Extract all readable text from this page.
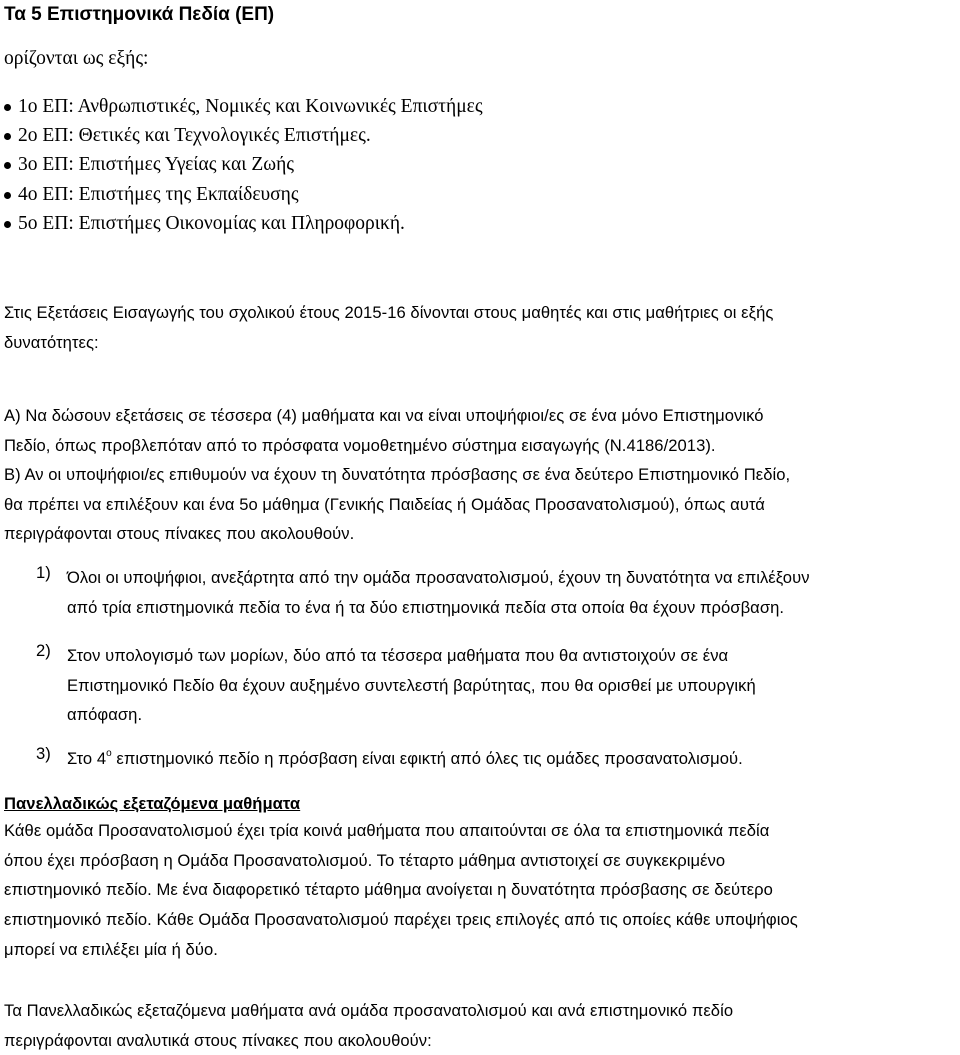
Τα 5 Επιστημονικά Πεδία (ΕΠ)
ορίζονται ως εξής:
1ο ΕΠ: Ανθρωπιστικές, Νομικές και Κοινωνικές Επιστήμες
2ο ΕΠ: Θετικές και Τεχνολογικές Επιστήμες.
3ο ΕΠ: Επιστήμες Υγείας και Ζωής
4ο ΕΠ: Επιστήμες της Εκπαίδευσης
5ο ΕΠ: Επιστήμες Οικονομίας και Πληροφορική.
Στις Εξετάσεις Εισαγωγής του σχολικού έτους 2015-16 δίνονται στους μαθητές και στις μαθήτριες οι εξής
δυνατότητες:
Α) Να δώσουν εξετάσεις σε τέσσερα (4) μαθήματα και να είναι υποψήφιοι/ες σε ένα μόνο Επιστημονικό
Πεδίο, όπως προβλεπόταν από το πρόσφατα νομοθετημένο σύστημα εισαγωγής (Ν.4186/2013).
Β) Αν οι υποψήφιοι/ες επιθυμούν να έχουν τη δυνατότητα πρόσβασης σε ένα δεύτερο Επιστημονικό Πεδίο,
θα πρέπει να επιλέξουν και ένα 5ο μάθημα (Γενικής Παιδείας ή Ομάδας Προσανατολισμού), όπως αυτά
περιγράφονται στους πίνακες που ακολουθούν.
1) Όλοι οι υποψήφιοι, ανεξάρτητα από την ομάδα προσανατολισμού, έχουν τη δυνατότητα να επιλέξουν
από τρία επιστημονικά πεδία το ένα ή τα δύο επιστημονικά πεδία στα οποία θα έχουν πρόσβαση.
2) Στον υπολογισμό των μορίων, δύο από τα τέσσερα μαθήματα που θα αντιστοιχούν σε ένα
Επιστημονικό Πεδίο θα έχουν αυξημένο συντελεστή βαρύτητας, που θα ορισθεί με υπουργική
απόφαση.
3) Στο $4^o$ επιστημονικό πεδίο η πρόσβαση είναι εφικτή από όλες τις ομάδες προσανατολισμού.
Πανελλαδικώς εξεταζόμενα μαθήματα
Κάθε ομάδα Προσανατολισμού έχει τρία κοινά μαθήματα που απαιτούνται σε όλα τα επιστημονικά πεδία
όπου έχει πρόσβαση η Ομάδα Προσανατολισμού. Το τέταρτο μάθημα αντιστοιχεί σε συγκεκριμένο
επιστημονικό πεδίο. Με ένα διαφορετικό τέταρτο μάθημα ανοίγεται η δυνατότητα πρόσβασης σε δεύτερο
επιστημονικό πεδίο. Κάθε Ομάδα Προσανατολισμού παρέχει τρεις επιλογές από τις οποίες κάθε υποψήφιος
μπορεί να επιλέξει μία ή δύο.
Τα Πανελλαδικώς εξεταζόμενα μαθήματα ανά ομάδα προσανατολισμού και ανά επιστημονικό πεδίο
περιγράφονται αναλυτικά στους πίνακες που ακολουθούν:
